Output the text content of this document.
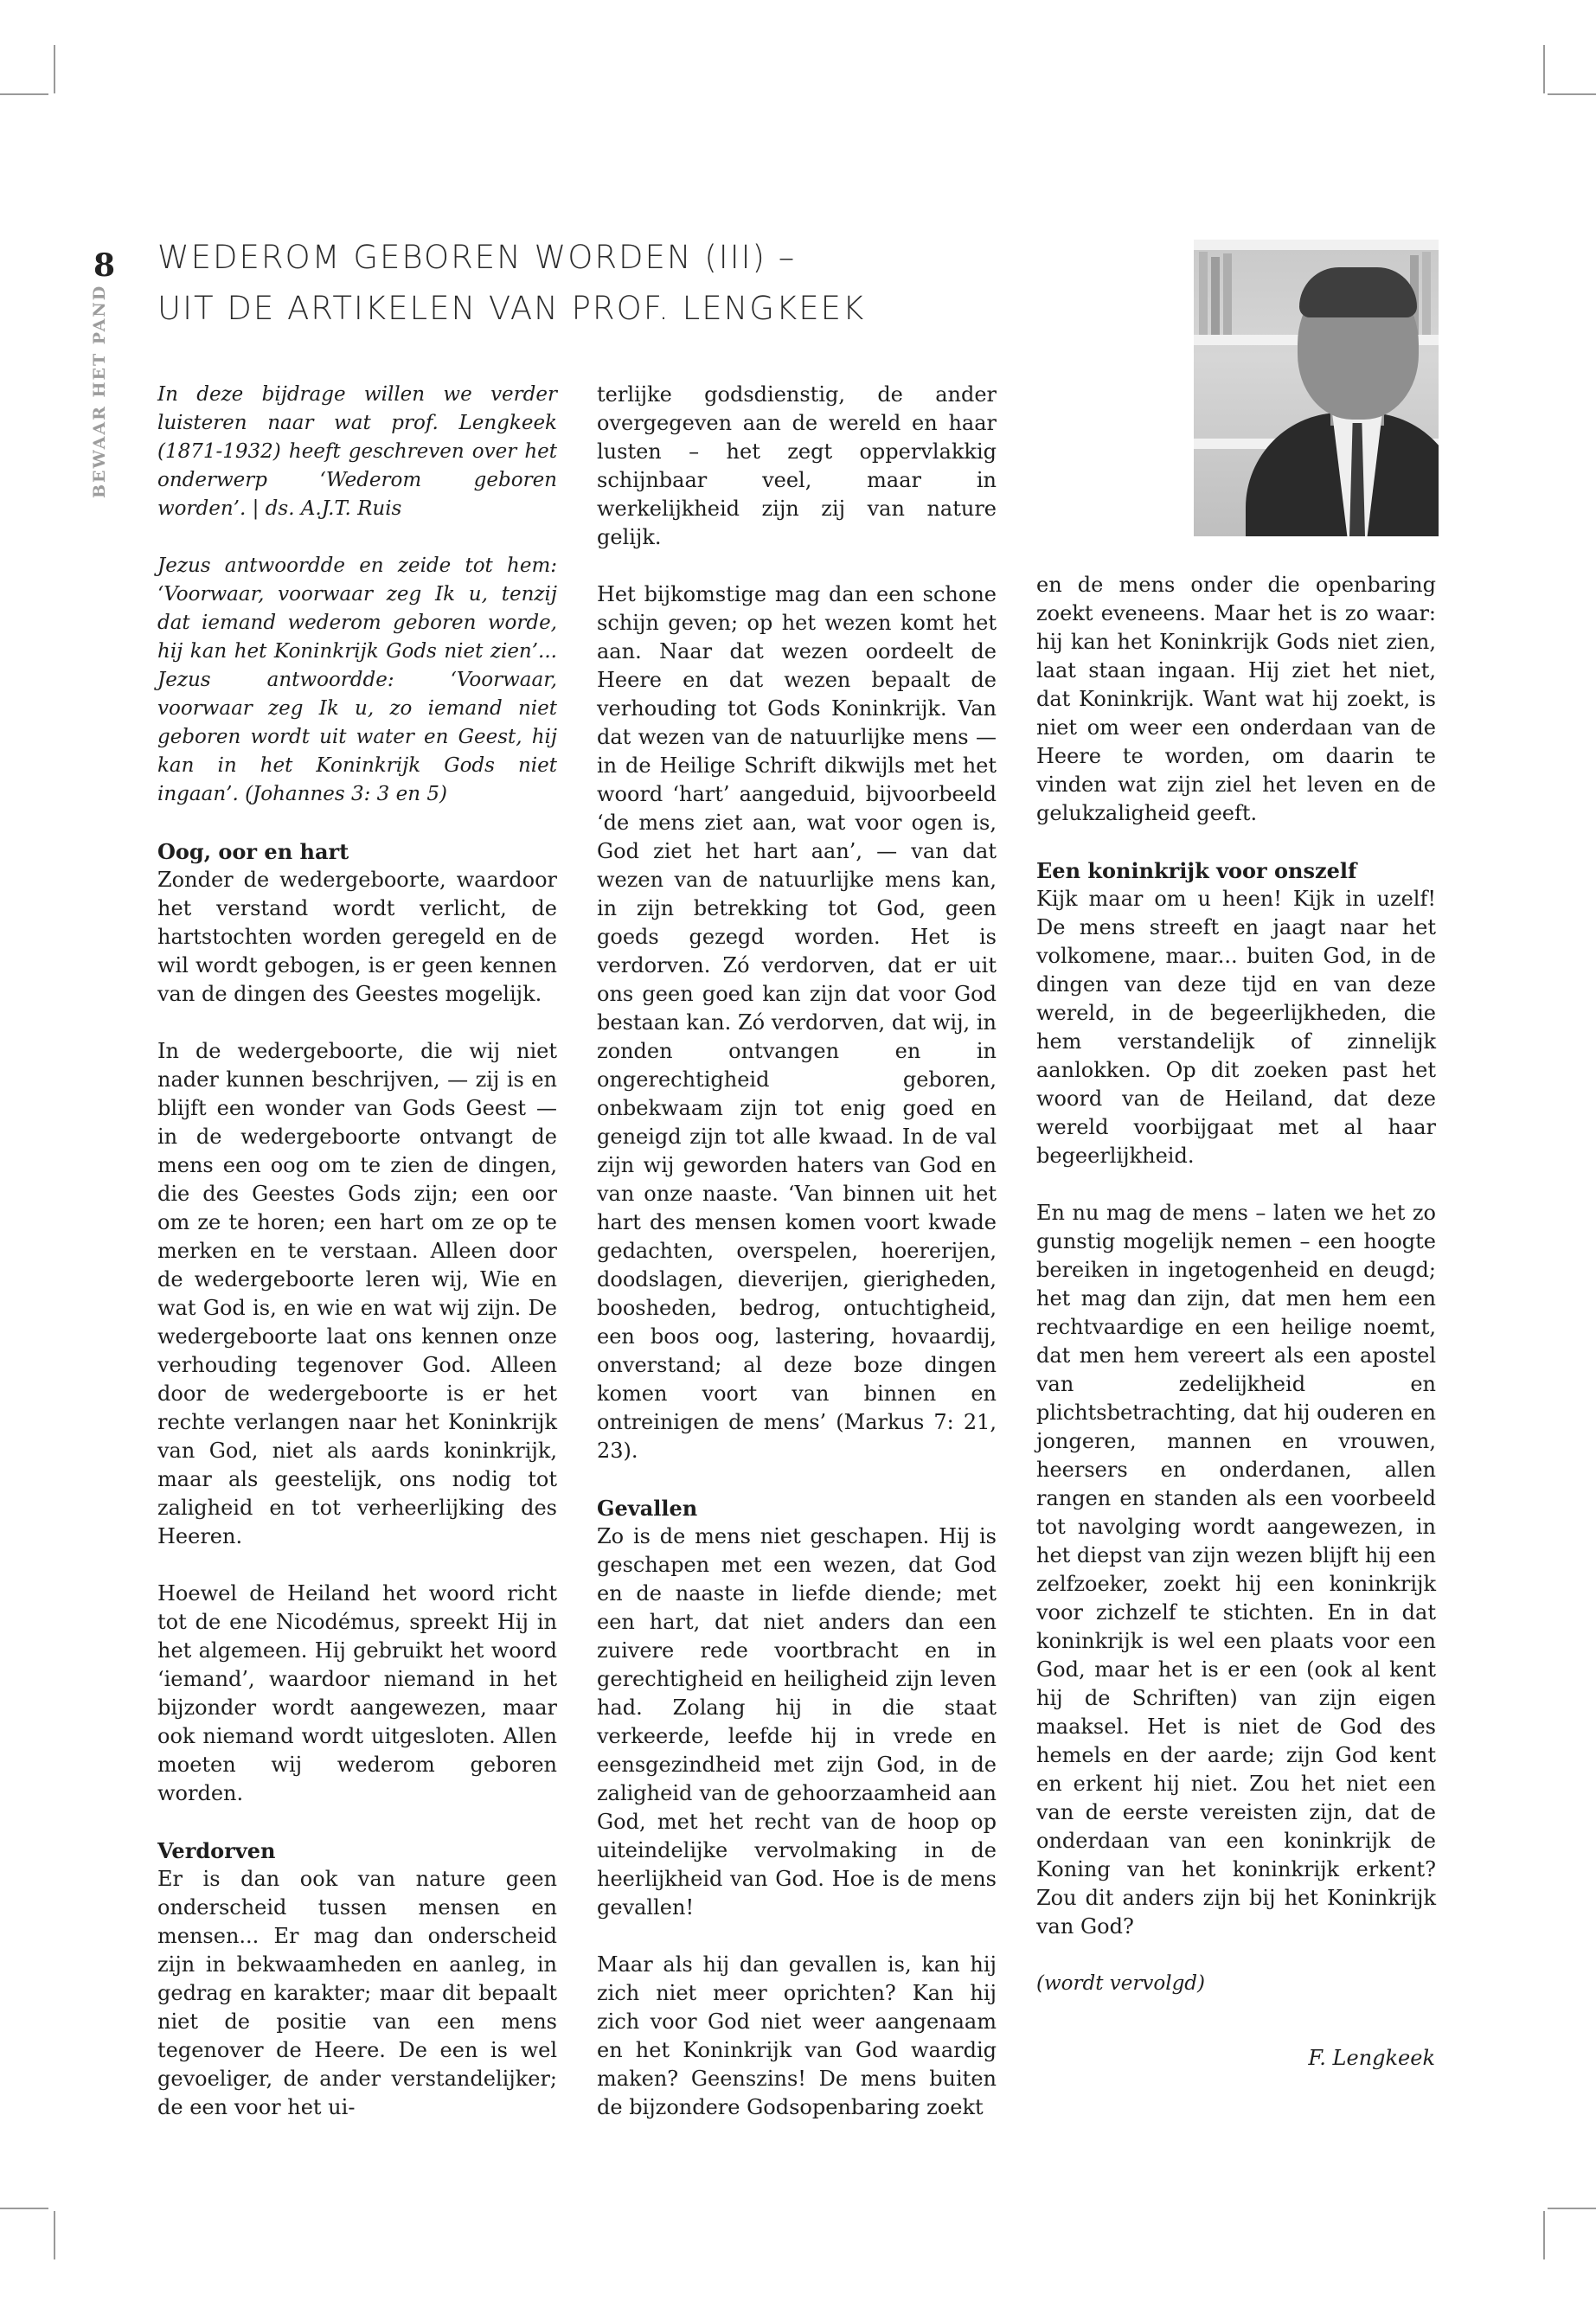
8
BEWAAR HET PAND
WEDEROM GEBOREN WORDEN (III) –
UIT DE ARTIKELEN VAN PROF. LENGKEEK

In deze bijdrage willen we verder luisteren naar wat prof. Lengkeek (1871-1932) heeft geschreven over het onderwerp ‘Wederom geboren worden’. | ds. A.J.T. Ruis

Jezus antwoordde en zeide tot hem: ‘Voorwaar, voorwaar zeg Ik u, tenzij dat iemand wederom geboren worde, hij kan het Koninkrijk Gods niet zien’... Jezus antwoordde: ‘Voorwaar, voorwaar zeg Ik u, zo iemand niet geboren wordt uit water en Geest, hij kan in het Koninkrijk Gods niet ingaan’. (Johannes 3: 3 en 5)

Oog, oor en hart

Zonder de wedergeboorte, waardoor het verstand wordt verlicht, de hartstochten worden geregeld en de wil wordt gebogen, is er geen kennen van de dingen des Geestes mogelijk.

In de wedergeboorte, die wij niet nader kunnen beschrijven, — zij is en blijft een wonder van Gods Geest — in de wedergeboorte ontvangt de mens een oog om te zien de dingen, die des Geestes Gods zijn; een oor om ze te horen; een hart om ze op te merken en te verstaan. Alleen door de wedergeboorte leren wij, Wie en wat God is, en wie en wat wij zijn. De wedergeboorte laat ons kennen onze verhouding tegenover God. Alleen door de wedergeboorte is er het rechte verlangen naar het Koninkrijk van God, niet als aards koninkrijk, maar als geestelijk, ons nodig tot zaligheid en tot verheerlijking des Heeren.

Hoewel de Heiland het woord richt tot de ene Nicodémus, spreekt Hij in het algemeen. Hij gebruikt het woord ‘iemand’, waardoor niemand in het bijzonder wordt aangewezen, maar ook niemand wordt uitgesloten. Allen moeten wij wederom geboren worden.

Verdorven

Er is dan ook van nature geen onderscheid tussen mensen en mensen... Er mag dan onderscheid zijn in bekwaamheden en aanleg, in gedrag en karakter; maar dit bepaalt niet de positie van een mens tegenover de Heere. De een is wel gevoeliger, de ander verstandelijker; de een voor het ui-

terlijke godsdienstig, de ander overgegeven aan de wereld en haar lusten – het zegt oppervlakkig schijnbaar veel, maar in werkelijkheid zijn zij van nature gelijk.

Het bijkomstige mag dan een schone schijn geven; op het wezen komt het aan. Naar dat wezen oordeelt de Heere en dat wezen bepaalt de verhouding tot Gods Koninkrijk. Van dat wezen van de natuurlijke mens — in de Heilige Schrift dikwijls met het woord ‘hart’ aangeduid, bijvoorbeeld ‘de mens ziet aan, wat voor ogen is, God ziet het hart aan’, — van dat wezen van de natuurlijke mens kan, in zijn betrekking tot God, geen goeds gezegd worden. Het is verdorven. Zó verdorven, dat er uit ons geen goed kan zijn dat voor God bestaan kan. Zó verdorven, dat wij, in zonden ontvangen en in ongerechtigheid geboren, onbekwaam zijn tot enig goed en geneigd zijn tot alle kwaad. In de val zijn wij geworden haters van God en van onze naaste. ‘Van binnen uit het hart des mensen komen voort kwade gedachten, overspelen, hoererijen, doodslagen, dieverijen, gierigheden, boosheden, bedrog, ontuchtigheid, een boos oog, lastering, hovaardij, onverstand; al deze boze dingen komen voort van binnen en ontreinigen de mens’ (Markus 7: 21, 23).

Gevallen

Zo is de mens niet geschapen. Hij is geschapen met een wezen, dat God en de naaste in liefde diende; met een hart, dat niet anders dan een zuivere rede voortbracht en in gerechtigheid en heiligheid zijn leven had. Zolang hij in die staat verkeerde, leefde hij in vrede en eensgezindheid met zijn God, in de zaligheid van de gehoorzaamheid aan God, met het recht van de hoop op uiteindelijke vervolmaking in de heerlijkheid van God. Hoe is de mens gevallen!

Maar als hij dan gevallen is, kan hij zich niet meer oprichten? Kan hij zich voor God niet weer aangenaam en het Koninkrijk van God waardig maken? Geenszins! De mens buiten de bijzondere Godsopenbaring zoekt

en de mens onder die openbaring zoekt eveneens. Maar het is zo waar: hij kan het Koninkrijk Gods niet zien, laat staan ingaan. Hij ziet het niet, dat Koninkrijk. Want wat hij zoekt, is niet om weer een onderdaan van de Heere te worden, om daarin te vinden wat zijn ziel het leven en de gelukzaligheid geeft.

Een koninkrijk voor onszelf

Kijk maar om u heen! Kijk in uzelf! De mens streeft en jaagt naar het volkomene, maar... buiten God, in de dingen van deze tijd en van deze wereld, in de begeerlijkheden, die hem verstandelijk of zinnelijk aanlokken. Op dit zoeken past het woord van de Heiland, dat deze wereld voorbijgaat met al haar begeerlijkheid.

En nu mag de mens – laten we het zo gunstig mogelijk nemen – een hoogte bereiken in ingetogenheid en deugd; het mag dan zijn, dat men hem een rechtvaardige en een heilige noemt, dat men hem vereert als een apostel van zedelijkheid en plichtsbetrachting, dat hij ouderen en jongeren, mannen en vrouwen, heersers en onderdanen, allen rangen en standen als een voorbeeld tot navolging wordt aangewezen, in het diepst van zijn wezen blijft hij een zelfzoeker, zoekt hij een koninkrijk voor zichzelf te stichten. En in dat koninkrijk is wel een plaats voor een God, maar het is er een (ook al kent hij de Schriften) van zijn eigen maaksel. Het is niet de God des hemels en der aarde; zijn God kent en erkent hij niet. Zou het niet een van de eerste vereisten zijn, dat de onderdaan van een koninkrijk de Koning van het koninkrijk erkent? Zou dit anders zijn bij het Koninkrijk van God?

(wordt vervolgd)

F. Lengkeek
